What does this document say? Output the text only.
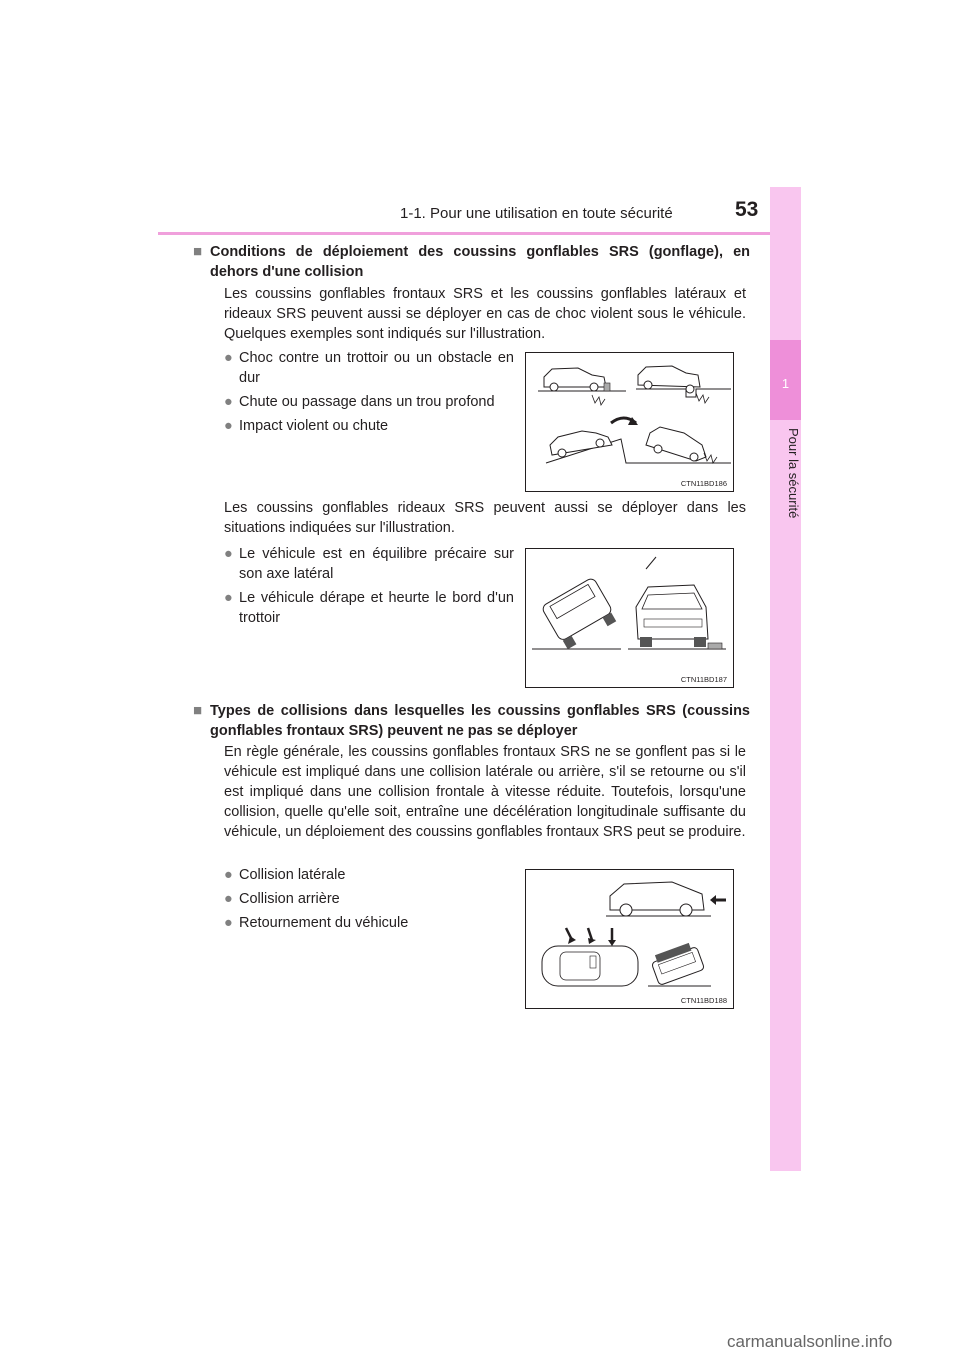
1-1. Pour une utilisation en toute sécurité	53
1
Pour la sécurité
■ Conditions de déploiement des coussins gonflables SRS (gonflage), en dehors d'une collision
Les coussins gonflables frontaux SRS et les coussins gonflables latéraux et rideaux SRS peuvent aussi se déployer en cas de choc violent sous le véhicule. Quelques exemples sont indiqués sur l'illustration.
● Choc contre un trottoir ou un obstacle en dur
● Chute ou passage dans un trou profond
● Impact violent ou chute
CTN11BD186
Les coussins gonflables rideaux SRS peuvent aussi se déployer dans les situations indiquées sur l'illustration.
● Le véhicule est en équilibre précaire sur son axe latéral
● Le véhicule dérape et heurte le bord d'un trottoir
CTN11BD187
■ Types de collisions dans lesquelles les coussins gonflables SRS (coussins gonflables frontaux SRS) peuvent ne pas se déployer
En règle générale, les coussins gonflables frontaux SRS ne se gonflent pas si le véhicule est impliqué dans une collision latérale ou arrière, s'il se retourne ou s'il est impliqué dans une collision frontale à vitesse réduite. Toutefois, lorsqu'une collision, quelle qu'elle soit, entraîne une décélération longitudinale suffisante du véhicule, un déploiement des coussins gonflables frontaux SRS peut se produire.
● Collision latérale
● Collision arrière
● Retournement du véhicule
CTN11BD188
carmanualsonline.info
